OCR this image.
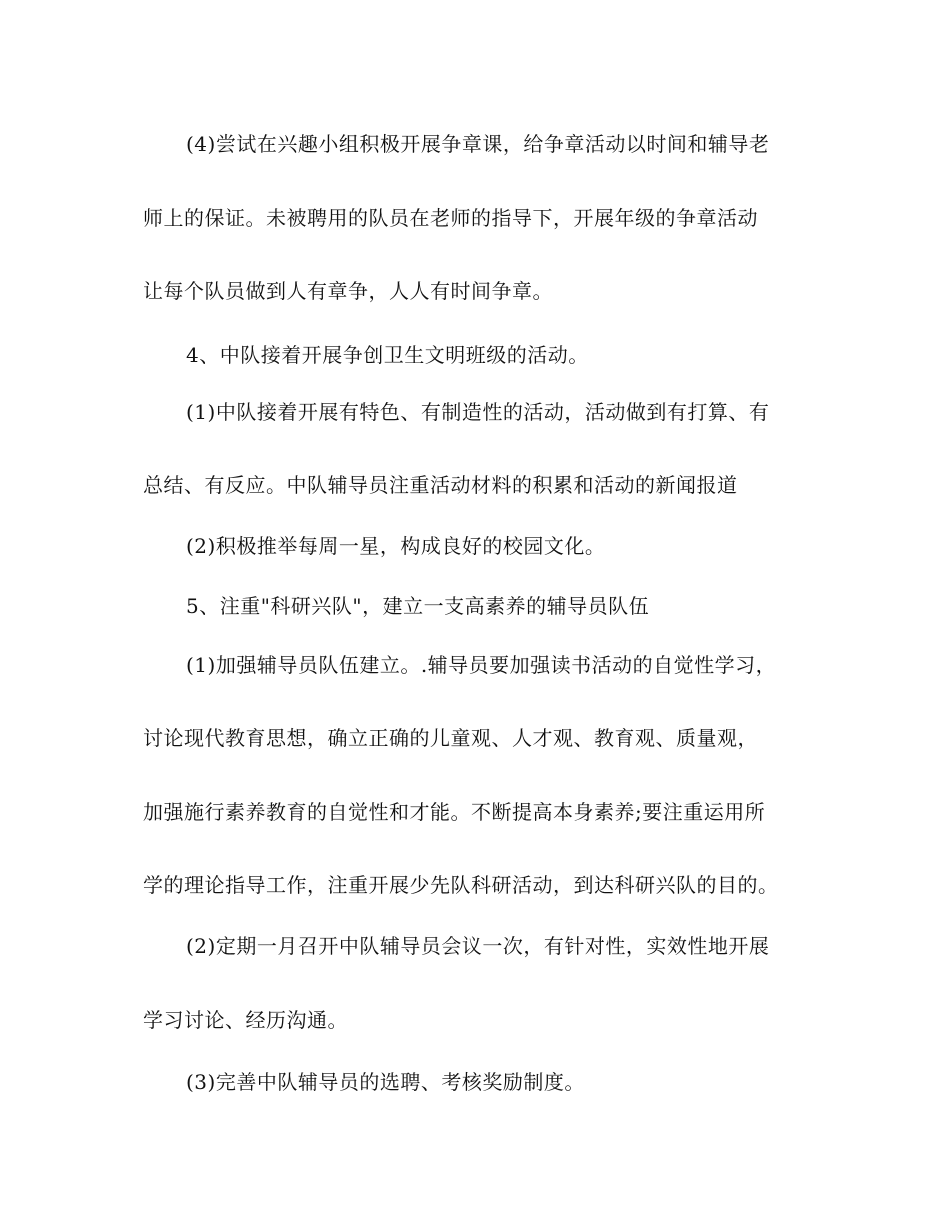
(4)尝试在兴趣小组积极开展争章课，给争章活动以时间和辅导老
师上的保证。未被聘用的队员在老师的指导下，开展年级的争章活动
让每个队员做到人有章争，人人有时间争章。
4、中队接着开展争创卫生文明班级的活动。
(1)中队接着开展有特色、有制造性的活动，活动做到有打算、有
总结、有反应。中队辅导员注重活动材料的积累和活动的新闻报道
(2)积极推举每周一星，构成良好的校园文化。
5、注重"科研兴队"，建立一支高素养的辅导员队伍
(1)加强辅导员队伍建立。.辅导员要加强读书活动的自觉性学习，
讨论现代教育思想，确立正确的儿童观、人才观、教育观、质量观，
加强施行素养教育的自觉性和才能。不断提高本身素养;要注重运用所
学的理论指导工作，注重开展少先队科研活动，到达科研兴队的目的。
(2)定期一月召开中队辅导员会议一次，有针对性，实效性地开展
学习讨论、经历沟通。
(3)完善中队辅导员的选聘、考核奖励制度。
